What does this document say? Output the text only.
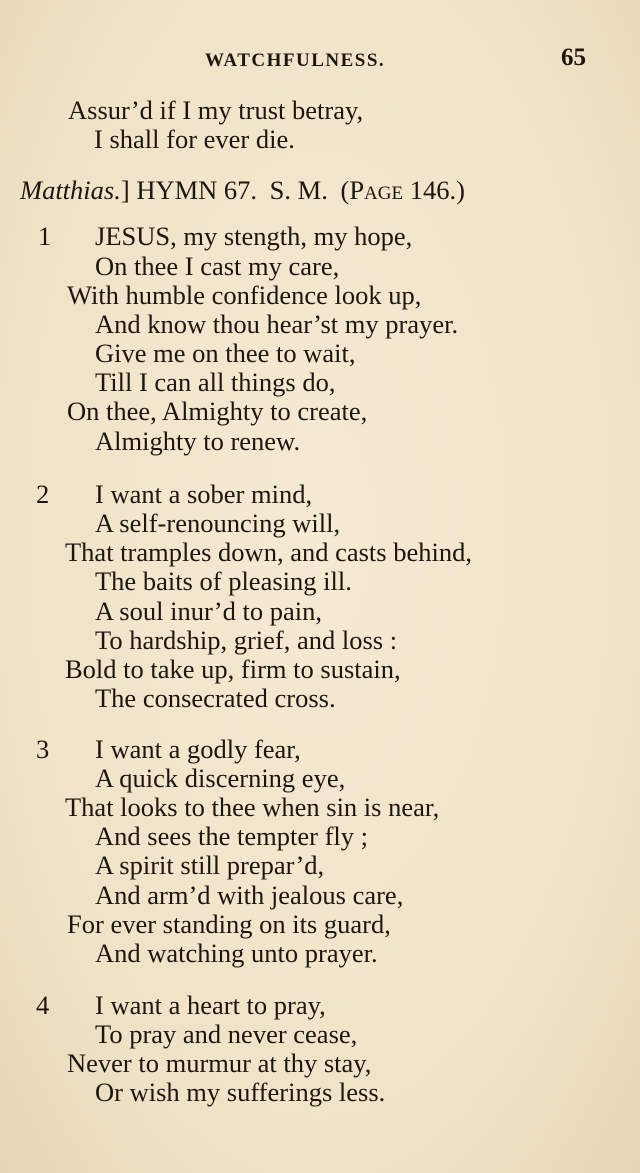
WATCHFULNESS.	65
Assur’d if I my trust betray,
I shall for ever die.
Matthias.] HYMN 67. S. M. (Page 146.)
1 JESUS, my stength, my hope,
On thee I cast my care,
With humble confidence look up,
And know thou hear’st my prayer.
Give me on thee to wait,
Till I can all things do,
On thee, Almighty to create,
Almighty to renew.
2 I want a sober mind,
A self-renouncing will,
That tramples down, and casts behind,
The baits of pleasing ill.
A soul inur’d to pain,
To hardship, grief, and loss :
Bold to take up, firm to sustain,
The consecrated cross.
3 I want a godly fear,
A quick discerning eye,
That looks to thee when sin is near,
And sees the tempter fly ;
A spirit still prepar’d,
And arm’d with jealous care,
For ever standing on its guard,
And watching unto prayer.
4 I want a heart to pray,
To pray and never cease,
Never to murmur at thy stay,
Or wish my sufferings less.
